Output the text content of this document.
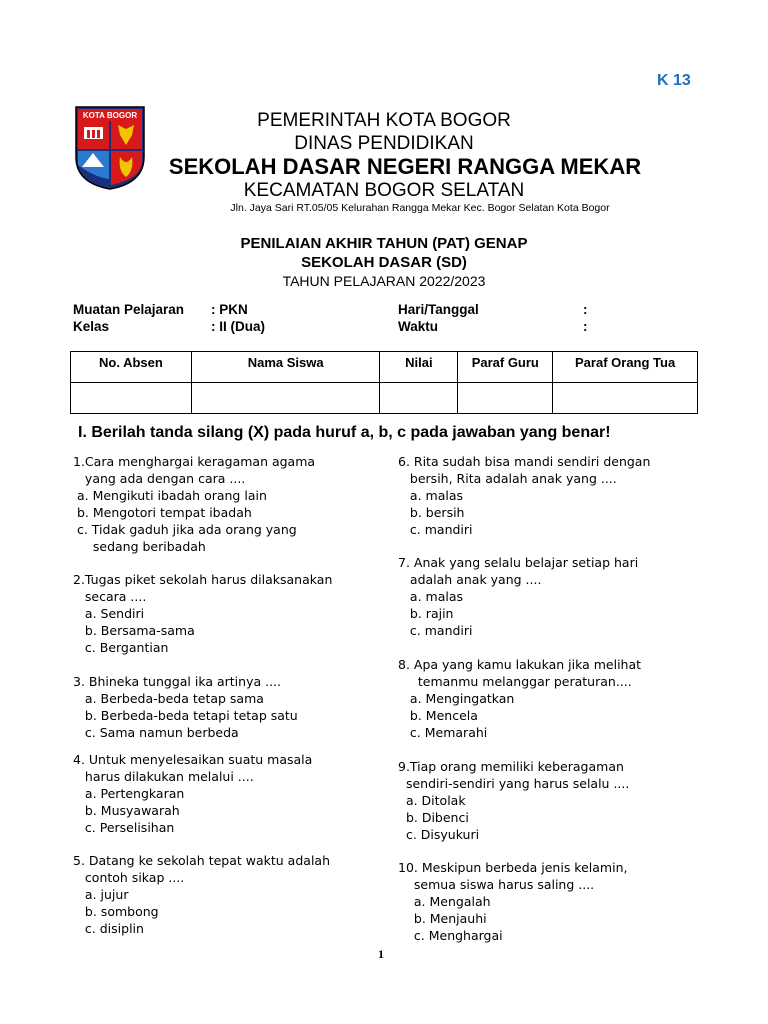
K 13
KOTA BOGOR	PEMERINTAH KOTA BOGOR
DINAS PENDIDIKAN
SEKOLAH DASAR NEGERI RANGGA MEKAR
KECAMATAN BOGOR SELATAN
Jln. Jaya Sari RT.05/05 Kelurahan Rangga Mekar Kec. Bogor Selatan Kota Bogor
PENILAIAN AKHIR TAHUN (PAT) GENAP
SEKOLAH DASAR (SD)
TAHUN PELAJARAN 2022/2023
Muatan Pelajaran : PKN
Kelas	: II (Dua)
Hari/Tanggal	:
Waktu	:
No. Absen	Nama Siswa	Nilai	Paraf Guru	Paraf Orang Tua

I. Berilah tanda silang (X) pada huruf a, b, c pada jawaban yang benar!
1.Cara menghargai keragaman agama
yang ada dengan cara ....
a. Mengikuti ibadah orang lain
b. Mengotori tempat ibadah
c. Tidak gaduh jika ada orang yang
sedang beribadah
2.Tugas piket sekolah harus dilaksanakan
secara ....
a. Sendiri
b. Bersama-sama
c. Bergantian
3. Bhineka tunggal ika artinya ....
a. Berbeda-beda tetap sama
b. Berbeda-beda tetapi tetap satu
c. Sama namun berbeda
4. Untuk menyelesaikan suatu masala
harus dilakukan melalui ....
a. Pertengkaran
b. Musyawarah
c. Perselisihan
5. Datang ke sekolah tepat waktu adalah
contoh sikap ....
a. jujur
b. sombong
c. disiplin
6. Rita sudah bisa mandi sendiri dengan
bersih, Rita adalah anak yang ....
a. malas
b. bersih
c. mandiri
7. Anak yang selalu belajar setiap hari
adalah anak yang ....
a. malas
b. rajin
c. mandiri
8. Apa yang kamu lakukan jika melihat
temanmu melanggar peraturan....
a. Mengingatkan
b. Mencela
c. Memarahi
9.Tiap orang memiliki keberagaman
sendiri-sendiri yang harus selalu ....
a. Ditolak
b. Dibenci
c. Disyukuri
10. Meskipun berbeda jenis kelamin,
semua siswa harus saling ....
a. Mengalah
b. Menjauhi
c. Menghargai
1
